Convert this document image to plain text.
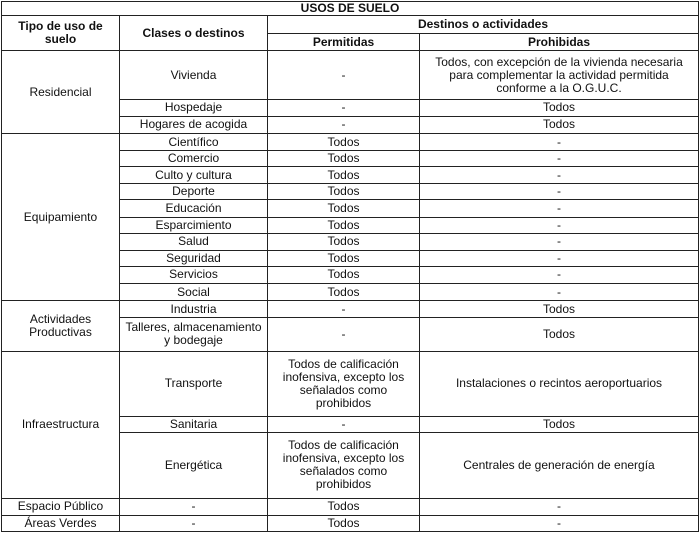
USOS DE SUELO			
Tipo de uso de suelo	Clases o destinos	Destinos o actividades	
		Permitidas	Prohibidas
Residencial	Vivienda	-	Todos, con excepción de la vivienda necesaria para complementar la actividad permitida conforme a la O.G.U.C.
	Hospedaje	-	Todos
	Hogares de acogida	-	Todos
Equipamiento	Científico	Todos	-
	Comercio	Todos	-
	Culto y cultura	Todos	-
	Deporte	Todos	-
	Educación	Todos	-
	Esparcimiento	Todos	-
	Salud	Todos	-
	Seguridad	Todos	-
	Servicios	Todos	-
	Social	Todos	-
Actividades Productivas	Industria	-	Todos
	Talleres, almacenamiento y bodegaje	-	Todos
Infraestructura	Transporte	Todos de calificación inofensiva, excepto los señalados como prohibidos	Instalaciones o recintos aeroportuarios
	Sanitaria	-	Todos
	Energética	Todos de calificación inofensiva, excepto los señalados como prohibidos	Centrales de generación de energía
Espacio Público	-	Todos	-
Áreas Verdes	-	Todos	-
